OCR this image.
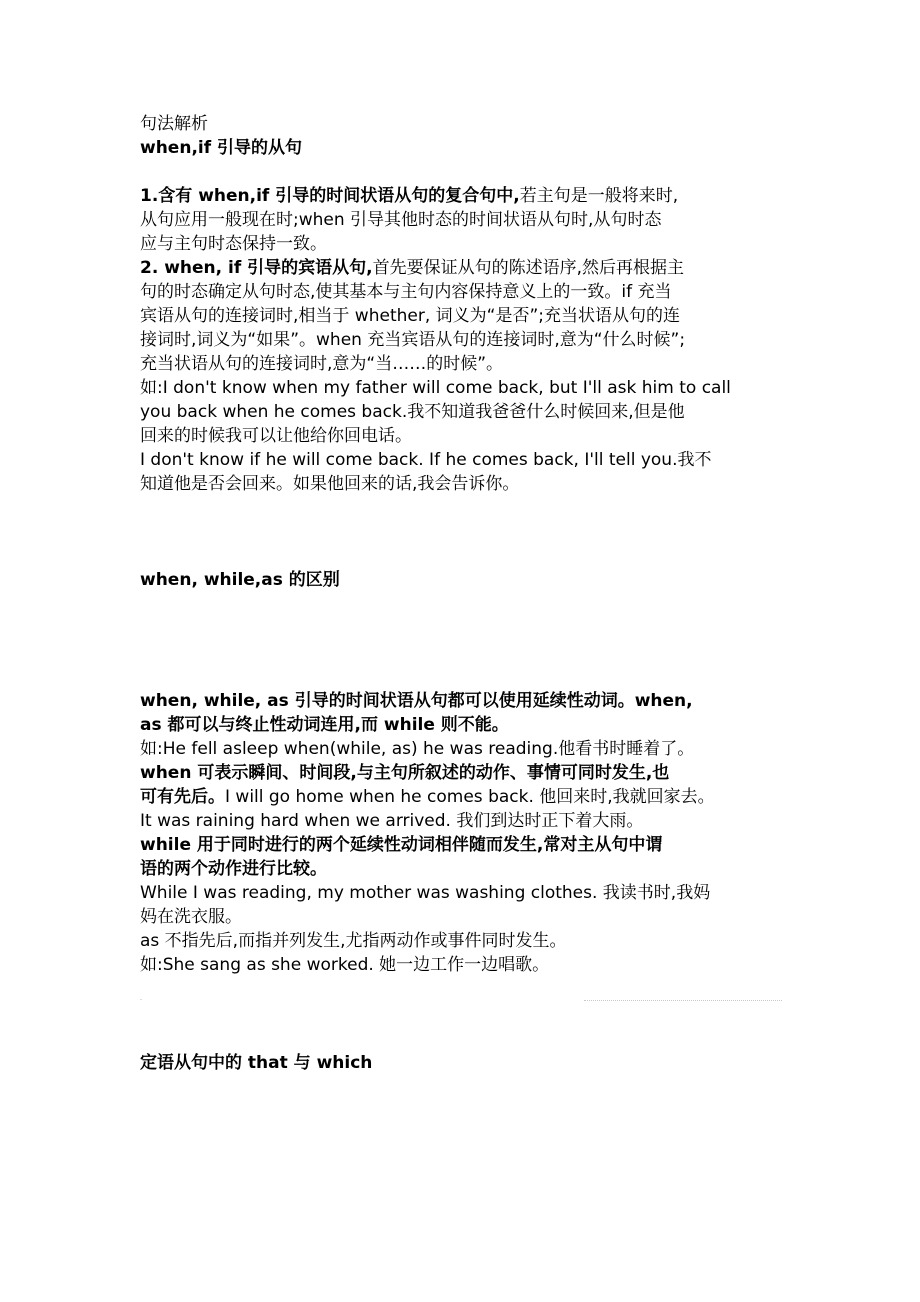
句法解析
when,if 引导的从句
1.含有 when,if 引导的时间状语从句的复合句中,若主句是一般将来时,
从句应用一般现在时;when 引导其他时态的时间状语从句时,从句时态
应与主句时态保持一致。
2. when, if 引导的宾语从句,首先要保证从句的陈述语序,然后再根据主
句的时态确定从句时态,使其基本与主句内容保持意义上的一致。if 充当
宾语从句的连接词时,相当于 whether, 词义为“是否”;充当状语从句的连
接词时,词义为“如果”。when 充当宾语从句的连接词时,意为“什么时候”;
充当状语从句的连接词时,意为“当……的时候”。
如:I don't know when my father will come back, but I'll ask him to call
you back when he comes back.我不知道我爸爸什么时候回来,但是他
回来的时候我可以让他给你回电话。
I don't know if he will come back. If he comes back, I'll tell you.我不
知道他是否会回来。如果他回来的话,我会告诉你。
when, while,as 的区别
when, while, as 引导的时间状语从句都可以使用延续性动词。when,
as 都可以与终止性动词连用,而 while 则不能。
如:He fell asleep when(while, as) he was reading.他看书时睡着了。
when 可表示瞬间、时间段,与主句所叙述的动作、事情可同时发生,也
可有先后。I will go home when he comes back. 他回来时,我就回家去。
It was raining hard when we arrived. 我们到达时正下着大雨。
while 用于同时进行的两个延续性动词相伴随而发生,常对主从句中谓
语的两个动作进行比较。
While I was reading, my mother was washing clothes. 我读书时,我妈
妈在洗衣服。
as 不指先后,而指并列发生,尤指两动作或事件同时发生。
如:She sang as she worked. 她一边工作一边唱歌。
定语从句中的 that 与 which
